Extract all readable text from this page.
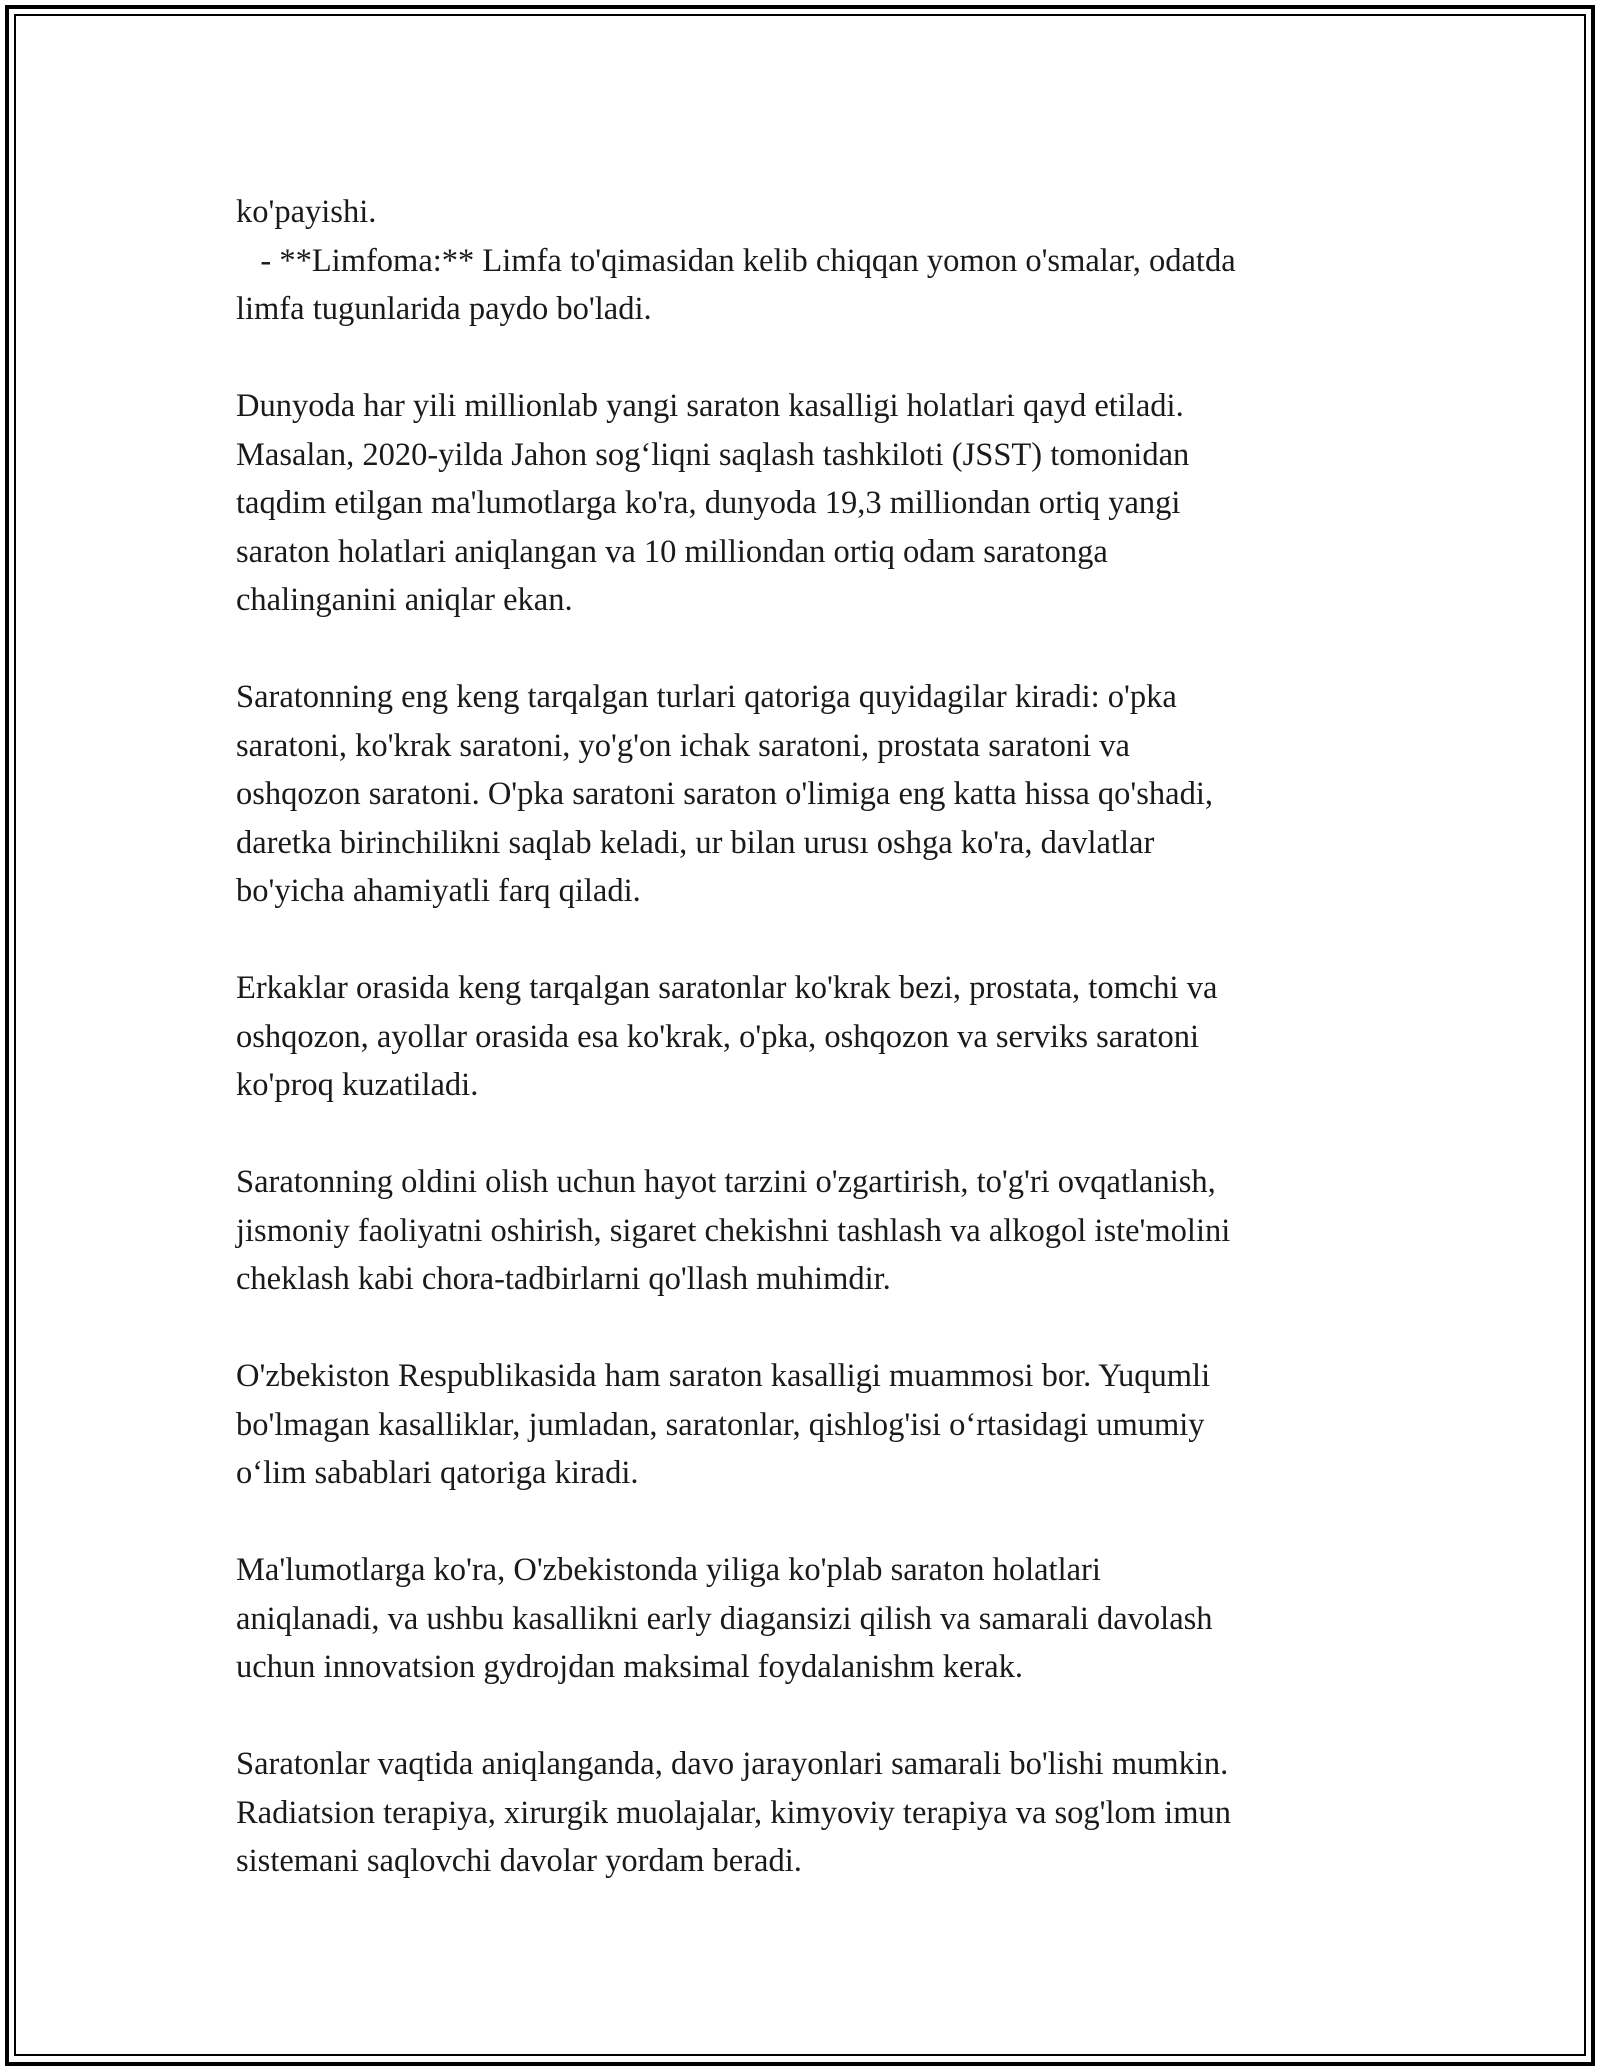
ko'payishi.
- **Limfoma:** Limfa to'qimasidan kelib chiqqan yomon o'smalar, odatda
limfa tugunlarida paydo bo'ladi.
Dunyoda har yili millionlab yangi saraton kasalligi holatlari qayd etiladi.
Masalan, 2020-yilda Jahon sog‘liqni saqlash tashkiloti (JSST) tomonidan
taqdim etilgan ma'lumotlarga ko'ra, dunyoda 19,3 milliondan ortiq yangi
saraton holatlari aniqlangan va 10 milliondan ortiq odam saratonga
chalinganini aniqlar ekan.
Saratonning eng keng tarqalgan turlari qatoriga quyidagilar kiradi: o'pka
saratoni, ko'krak saratoni, yo'g'on ichak saratoni, prostata saratoni va
oshqozon saratoni. O'pka saratoni saraton o'limiga eng katta hissa qo'shadi,
daretka birinchilikni saqlab keladi, ur bilan urusı oshga ko'ra, davlatlar
bo'yicha ahamiyatli farq qiladi.
Erkaklar orasida keng tarqalgan saratonlar ko'krak bezi, prostata, tomchi va
oshqozon, ayollar orasida esa ko'krak, o'pka, oshqozon va serviks saratoni
ko'proq kuzatiladi.
Saratonning oldini olish uchun hayot tarzini o'zgartirish, to'g'ri ovqatlanish,
jismoniy faoliyatni oshirish, sigaret chekishni tashlash va alkogol iste'molini
cheklash kabi chora-tadbirlarni qo'llash muhimdir.
O'zbekiston Respublikasida ham saraton kasalligi muammosi bor. Yuqumli
bo'lmagan kasalliklar, jumladan, saratonlar, qishlog'isi o‘rtasidagi umumiy
o‘lim sabablari qatoriga kiradi.
Ma'lumotlarga ko'ra, O'zbekistonda yiliga ko'plab saraton holatlari
aniqlanadi, va ushbu kasallikni early diagansizi qilish va samarali davolash
uchun innovatsion gydrojdan maksimal foydalanishm kerak.
Saratonlar vaqtida aniqlanganda, davo jarayonlari samarali bo'lishi mumkin.
Radiatsion terapiya, xirurgik muolajalar, kimyoviy terapiya va sog'lom imun
sistemani saqlovchi davolar yordam beradi.
